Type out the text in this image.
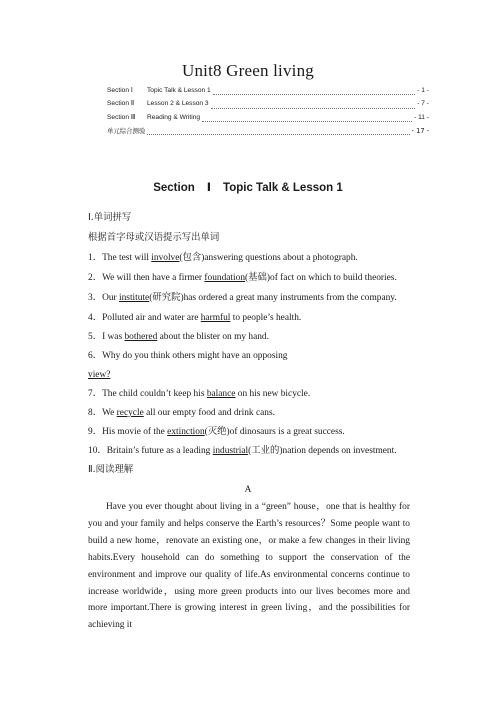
Unit8 Green living
Section Ⅰ	Topic Talk & Lesson 1	- 1 -
Section Ⅱ	Lesson 2 & Lesson 3	- 7 -
Section Ⅲ	Reading & Writing	- 11 -
单元综合测验	- 17 -
Section Ⅰ Topic Talk & Lesson 1
Ⅰ.单词拼写
根据首字母或汉语提示写出单词
1．The test will involve(包含)answering questions about a photograph.
2．We will then have a firmer foundation(基础)of fact on which to build theories.
3．Our institute(研究院)has ordered a great many instruments from the company.
4．Polluted air and water are harmful to people’s health.
5．I was bothered about the blister on my hand.
6．Why do you think others might have an opposing
view?
7．The child couldn’t keep his balance on his new bicycle.
8．We recycle all our empty food and drink cans.
9．His movie of the extinction(灭绝)of dinosaurs is a great success.
10．Britain’s future as a leading industrial(工业的)nation depends on investment.
Ⅱ.阅读理解
A
Have you ever thought about living in a “green” house，one that is healthy for you and your family and helps conserve the Earth’s resources？Some people want to build a new home，renovate an existing one，or make a few changes in their living habits.Every household can do something to support the conservation of the environment and improve our quality of life.As environmental concerns continue to increase worldwide，using more green products into our lives becomes more and more important.There is growing interest in green living，and the possibilities for achieving it
